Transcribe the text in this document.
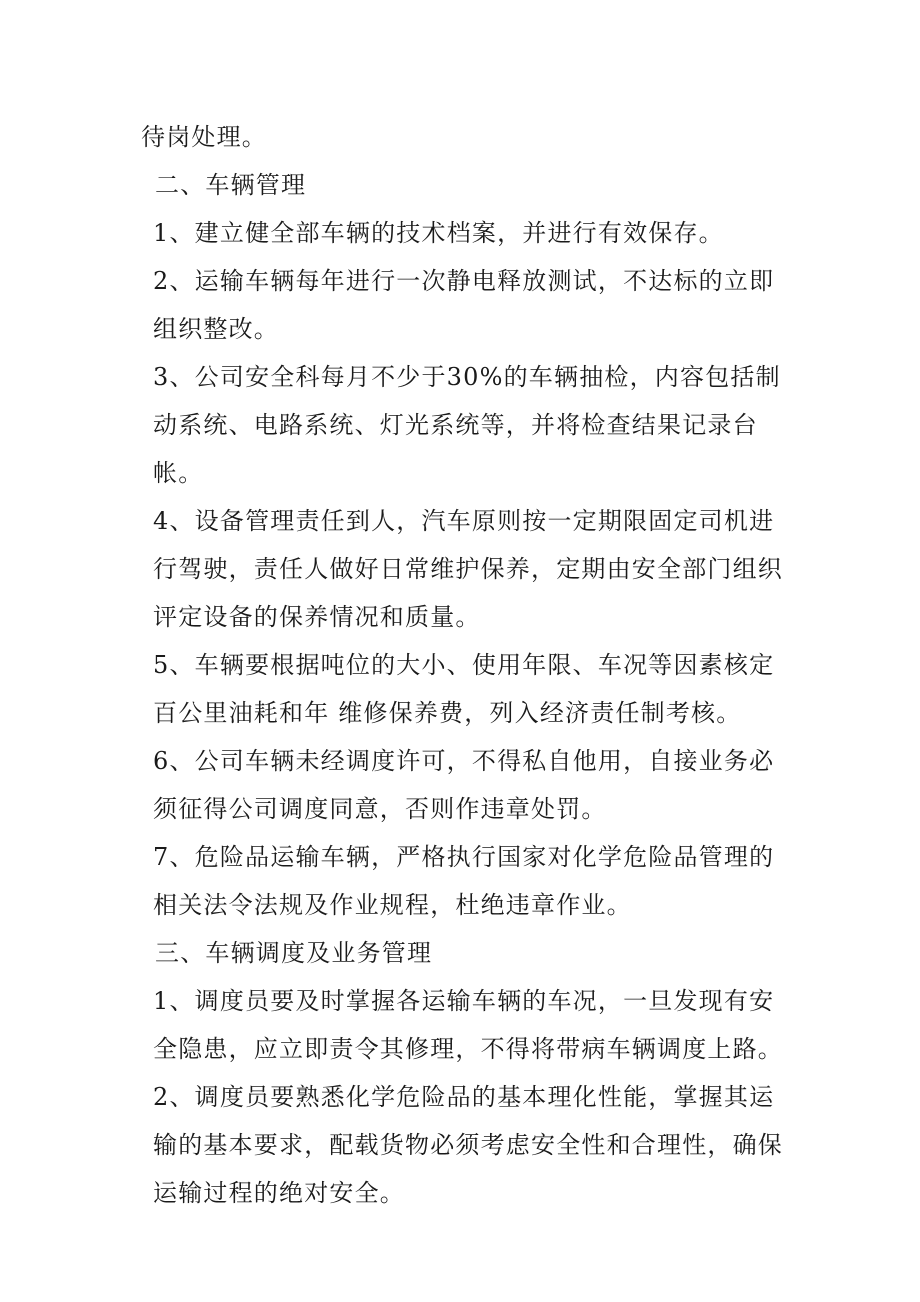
待岗处理。

二、车辆管理

1、建立健全部车辆的技术档案，并进行有效保存。

2、运输车辆每年进行一次静电释放测试，不达标的立即组织整改。

3、公司安全科每月不少于30%的车辆抽检，内容包括制动系统、电路系统、灯光系统等，并将检查结果记录台帐。

4、设备管理责任到人，汽车原则按一定期限固定司机进行驾驶，责任人做好日常维护保养，定期由安全部门组织评定设备的保养情况和质量。

5、车辆要根据吨位的大小、使用年限、车况等因素核定百公里油耗和年 维修保养费，列入经济责任制考核。

6、公司车辆未经调度许可，不得私自他用，自接业务必须征得公司调度同意，否则作违章处罚。

7、危险品运输车辆，严格执行国家对化学危险品管理的相关法令法规及作业规程，杜绝违章作业。

三、车辆调度及业务管理

1、调度员要及时掌握各运输车辆的车况，一旦发现有安全隐患，应立即责令其修理，不得将带病车辆调度上路。

2、调度员要熟悉化学危险品的基本理化性能，掌握其运输的基本要求，配载货物必须考虑安全性和合理性，确保运输过程的绝对安全。
